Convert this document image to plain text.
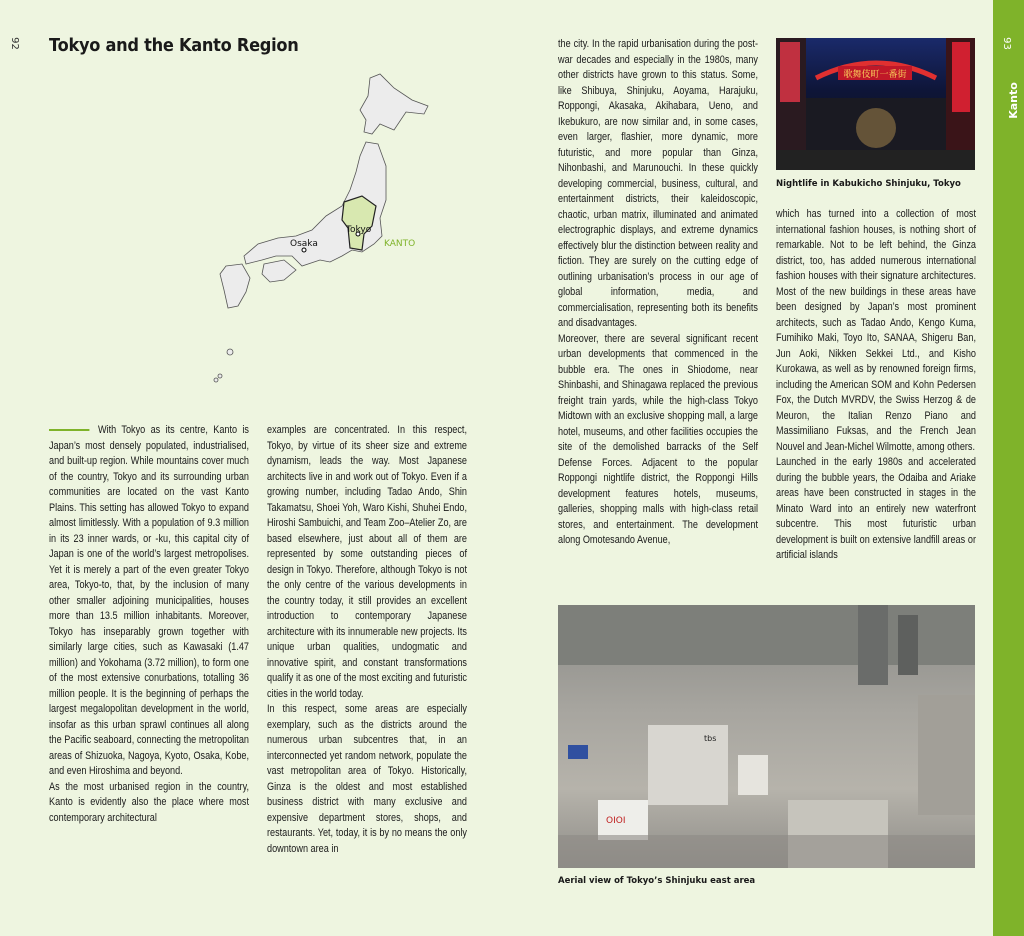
92 Tokyo and the Kanto Region	93
Kanto
Tokyo
Osaka	KANTO

With Tokyo as its centre, Kanto is Japan’s most densely populated, industrialised, and built-up region. While mountains cover much of the country, Tokyo and its surrounding urban communities are located on the vast Kanto Plains. This setting has allowed Tokyo to expand almost limitlessly. With a population of 9.3 million in its 23 inner wards, or -ku, this capital city of Japan is one of the world’s largest metropolises. Yet it is merely a part of the even greater Tokyo area, Tokyo-to, that, by the inclusion of many other smaller adjoining municipalities, houses more than 13.5 million inhabitants. Moreover, Tokyo has inseparably grown together with similarly large cities, such as Kawasaki (1.47 million) and Yokohama (3.72 million), to form one of the most extensive conurbations, totalling 36 million people. It is the beginning of perhaps the largest megalopolitan development in the world, insofar as this urban sprawl continues all along the Pacific seaboard, connecting the metropolitan areas of Shizuoka, Nagoya, Kyoto, Osaka, Kobe, and even Hiroshima and beyond.

As the most urbanised region in the country, Kanto is evidently also the place where most contemporary architectural

examples are concentrated. In this respect, Tokyo, by virtue of its sheer size and extreme dynamism, leads the way. Most Japanese architects live in and work out of Tokyo. Even if a growing number, including Tadao Ando, Shin Takamatsu, Shoei Yoh, Waro Kishi, Shuhei Endo, Hiroshi Sambuichi, and Team Zoo–Atelier Zo, are based elsewhere, just about all of them are represented by some outstanding pieces of design in Tokyo. Therefore, although Tokyo is not the only centre of the various developments in the country today, it still provides an excellent introduction to contemporary Japanese architecture with its innumerable new projects. Its unique urban qualities, undogmatic and innovative spirit, and constant transformations qualify it as one of the most exciting and futuristic cities in the world today.

In this respect, some areas are especially exemplary, such as the districts around the numerous urban subcentres that, in an interconnected yet random network, populate the vast metropolitan area of Tokyo. Historically, Ginza is the oldest and most established business district with many exclusive and expensive department stores, shops, and restaurants. Yet, today, it is by no means the only downtown area in

the city. In the rapid urbanisation during the post-war decades and especially in the 1980s, many other districts have grown to this status. Some, like Shibuya, Shinjuku, Aoyama, Harajuku, Roppongi, Akasaka, Akihabara, Ueno, and Ikebukuro, are now similar and, in some cases, even larger, flashier, more dynamic, more futuristic, and more popular than Ginza, Nihonbashi, and Marunouchi. In these quickly developing commercial, business, cultural, and entertainment districts, their kaleidoscopic, chaotic, urban matrix, illuminated and animated electrographic displays, and extreme dynamics effectively blur the distinction between reality and fiction. They are surely on the cutting edge of outlining urbanisation’s process in our age of global information, media, and commercialisation, representing both its benefits and disadvantages.

Moreover, there are several significant recent urban developments that commenced in the bubble era. The ones in Shiodome, near Shinbashi, and Shinagawa replaced the previous freight train yards, while the high-class Tokyo Midtown with an exclusive shopping mall, a large hotel, museums, and other facilities occupies the site of the demolished barracks of the Self Defense Forces. Adjacent to the popular Roppongi nightlife district, the Roppongi Hills development features hotels, museums, galleries, shopping malls with high-class retail stores, and entertainment. The development along Omotesando Avenue,

which has turned into a collection of most international fashion houses, is nothing short of remarkable. Not to be left behind, the Ginza district, too, has added numerous international fashion houses with their signature architectures. Most of the new buildings in these areas have been designed by Japan’s most prominent architects, such as Tadao Ando, Kengo Kuma, Fumihiko Maki, Toyo Ito, SANAA, Shigeru Ban, Jun Aoki, Nikken Sekkei Ltd., and Kisho Kurokawa, as well as by renowned foreign firms, including the American SOM and Kohn Pedersen Fox, the Dutch MVRDV, the Swiss Herzog & de Meuron, the Italian Renzo Piano and Massimiliano Fuksas, and the French Jean Nouvel and Jean-Michel Wilmotte, among others.

Launched in the early 1980s and accelerated during the bubble years, the Odaiba and Ariake areas have been constructed in stages in the Minato Ward into an entirely new waterfront subcentre. This most futuristic urban development is built on extensive landfill areas or artificial islands

歌舞伎町一番街
Nightlife in Kabukicho Shinjuku, Tokyo
tbs
OIOI
Aerial view of Tokyo’s Shinjuku east area
